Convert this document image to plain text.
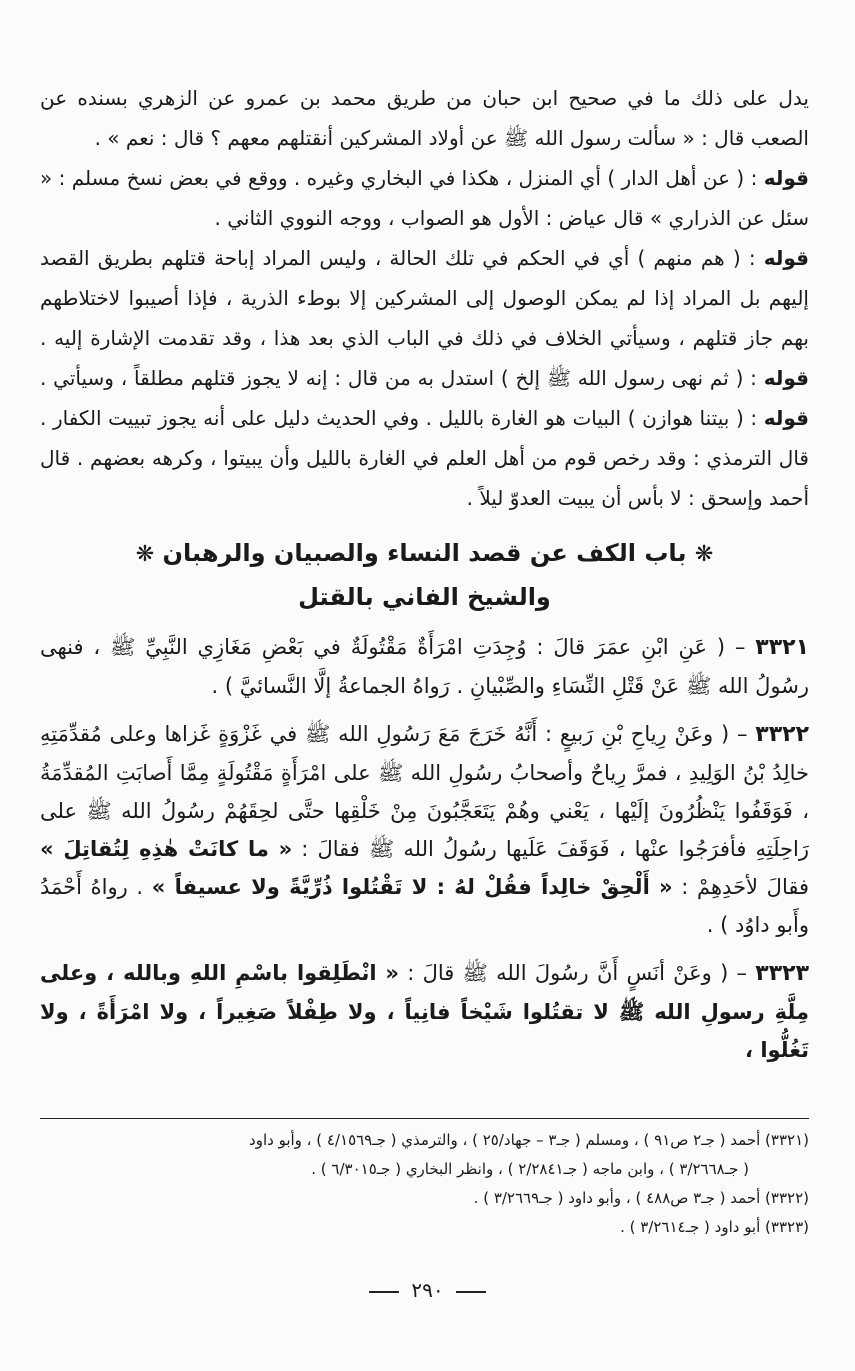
يدل على ذلك ما في صحيح ابن حبان من طريق محمد بن عمرو عن الزهري بسنده عن الصعب قال : « سألت رسول الله ﷺ عن أولاد المشركين أنقتلهم معهم ؟ قال : نعم » .

قوله : ( عن أهل الدار ) أي المنزل ، هكذا في البخاري وغيره . ووقع في بعض نسخ مسلم : « سئل عن الذراري » قال عياض : الأول هو الصواب ، ووجه النووي الثاني .

قوله : ( هم منهم ) أي في الحكم في تلك الحالة ، وليس المراد إباحة قتلهم بطريق القصد إليهم بل المراد إذا لم يمكن الوصول إلى المشركين إلا بوطء الذرية ، فإذا أصيبوا لاختلاطهم بهم جاز قتلهم ، وسيأتي الخلاف في ذلك في الباب الذي بعد هذا ، وقد تقدمت الإشارة إليه . قوله : ( ثم نهى رسول الله ﷺ إلخ ) استدل به من قال : إنه لا يجوز قتلهم مطلقاً ، وسيأتي . قوله : ( بيتنا هوازن ) البيات هو الغارة بالليل . وفي الحديث دليل على أنه يجوز تبييت الكفار . قال الترمذي : وقد رخص قوم من أهل العلم في الغارة بالليل وأن يبيتوا ، وكرهه بعضهم . قال أحمد وإسحق : لا بأس أن يبيت العدوّ ليلاً .

❋ باب الكف عن قصد النساء والصبيان والرهبان ❋
والشيخ الفاني بالقتل

٣٣٢١ – ( عَنِ ابْنِ عمَرَ قالَ : وُجِدَتِ امْرَأَةٌ مَقْتُولَةٌ في بَعْضِ مَغَازِي النَّبِيِّ ﷺ ، فنهى رسُولُ الله ﷺ عَنْ قَتْلِ النِّسَاءِ والصِّبْيانِ . رَواهُ الجماعةُ إلَّا النَّسائيَّ ) .

٣٣٢٢ – ( وعَنْ رِياحِ بْنِ رَبيعٍ : أَنَّهُ خَرَجَ مَعَ رَسُولِ الله ﷺ في غَزْوَةٍ غَزاها وعلى مُقدِّمَتِهِ خالِدُ بْنُ الوَلِيدِ ، فمرَّ رِياحٌ وأصحابُ رسُولِ الله ﷺ على امْرَأَةٍ مَقْتُولَةٍ مِمَّا أَصابَتِ المُقدِّمَةُ ، فَوَقَفُوا يَنْظُرُونَ إلَيْها ، يَعْني وهُمْ يَتَعَجَّبُونَ مِنْ خَلْقِها حتَّى لحِقَهُمْ رسُولُ الله ﷺ على رَاحِلَتِهِ فأفرَجُوا عنْها ، فَوَقَفَ عَلَيها رسُولُ الله ﷺ فقالَ : « ما كانَتْ هٰذِهِ لِتُقاتِلَ » فقالَ لأحَدِهِمْ : « أَلْحِقْ خالِداً فقُلْ لهُ : لا تَقْتُلوا ذُرِّيَّةً ولا عسيفاً » . رواهُ أَحْمَدُ وأَبو داوُد ) .

٣٣٢٣ – ( وعَنْ أنَسٍ أَنَّ رسُولَ الله ﷺ قالَ : « انْطَلِقوا باسْمِ اللهِ وبالله ، وعلى مِلَّةِ رسولِ الله ﷺ لا تقتُلوا شَيْخاً فانِياً ، ولا طِفْلاً صَغِيراً ، ولا امْرَأَةً ، ولا تَغُلُّوا ،

(٣٣٢١) أحمد ( جـ٢ ص٩١ ) ، ومسلم ( جـ٣ – جهاد/٢٥ ) ، والترمذي ( جـ٤/١٥٦٩ ) ، وأبو داود

( جـ٣/٢٦٦٨ ) ، وابن ماجه ( جـ٢/٢٨٤١ ) ، وانظر البخاري ( جـ٦/٣٠١٥ ) .

(٣٣٢٢) أحمد ( جـ٣ ص٤٨٨ ) ، وأبو داود ( جـ٣/٢٦٦٩ ) .

(٣٣٢٣) أبو داود ( جـ٣/٢٦١٤ ) .

٢٩٠
